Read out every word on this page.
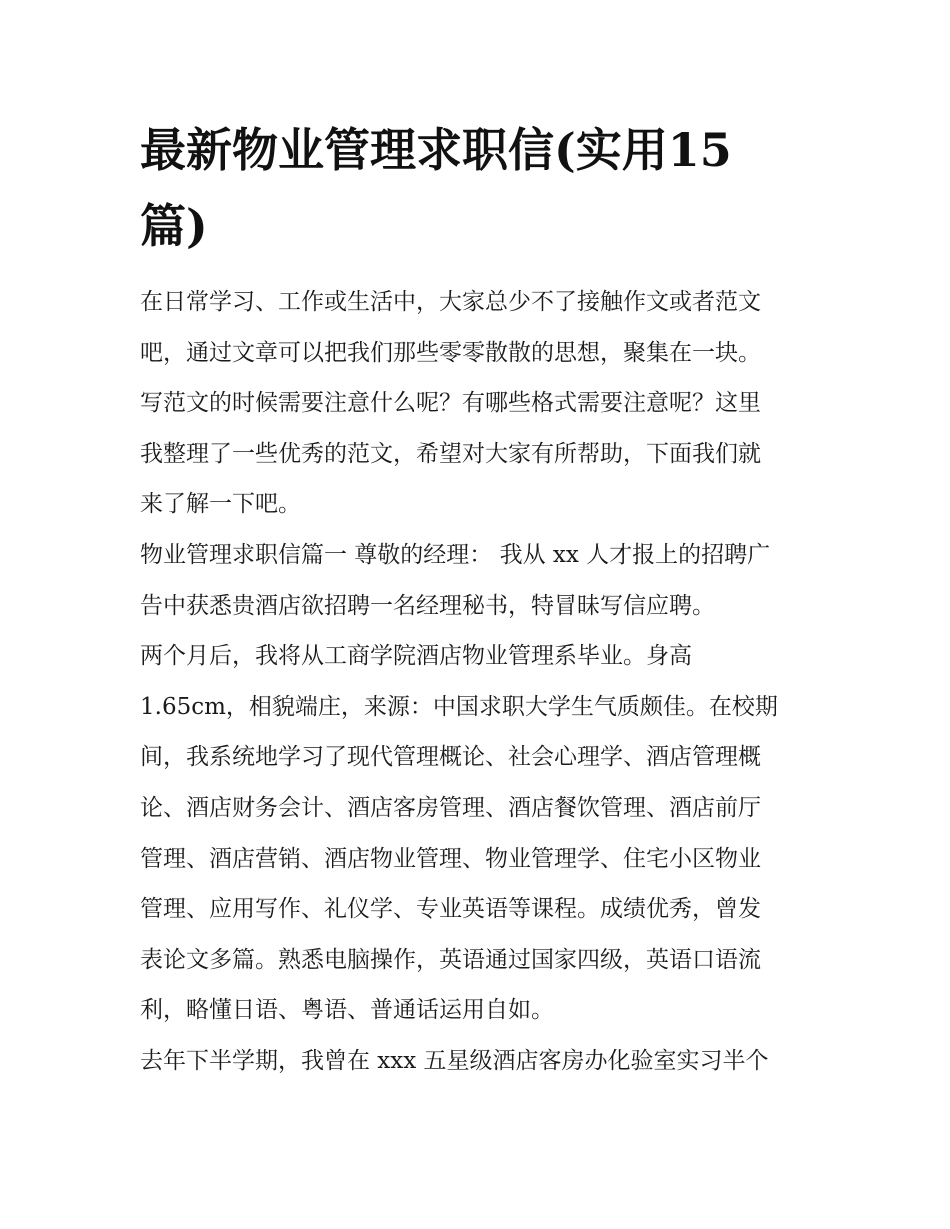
最新物业管理求职信(实用15
篇)

在日常学习、工作或生活中，大家总少不了接触作文或者范文
吧，通过文章可以把我们那些零零散散的思想，聚集在一块。
写范文的时候需要注意什么呢？有哪些格式需要注意呢？这里
我整理了一些优秀的范文，希望对大家有所帮助，下面我们就
来了解一下吧。

物业管理求职信篇一 尊敬的经理： 我从 xx 人才报上的招聘广
告中获悉贵酒店欲招聘一名经理秘书，特冒昧写信应聘。

两个月后，我将从工商学院酒店物业管理系毕业。身高
1.65cm，相貌端庄，来源：中国求职大学生气质颇佳。在校期
间，我系统地学习了现代管理概论、社会心理学、酒店管理概
论、酒店财务会计、酒店客房管理、酒店餐饮管理、酒店前厅
管理、酒店营销、酒店物业管理、物业管理学、住宅小区物业
管理、应用写作、礼仪学、专业英语等课程。成绩优秀，曾发
表论文多篇。熟悉电脑操作，英语通过国家四级，英语口语流
利，略懂日语、粤语、普通话运用自如。

去年下半学期，我曾在 xxx 五星级酒店客房办化验室实习半个
